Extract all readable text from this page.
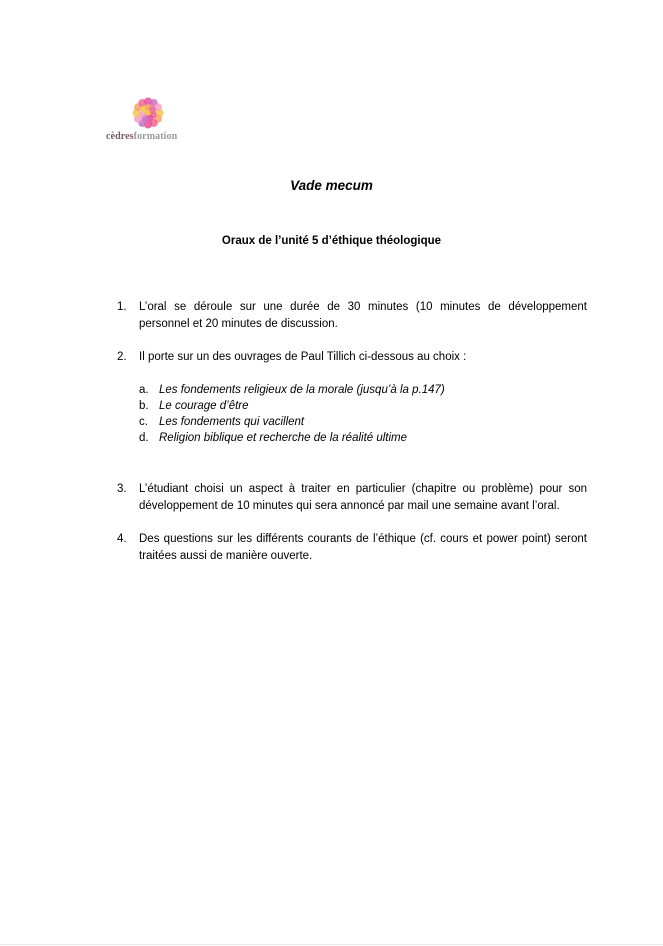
cèdresformation
Vade mecum
Oraux de l’unité 5 d’éthique théologique
1. L’oral se déroule sur une durée de 30 minutes (10 minutes de développement personnel et 20 minutes de discussion.
2. Il porte sur un des ouvrages de Paul Tillich ci-dessous au choix :
a. Les fondements religieux de la morale (jusqu’à la p.147)
b. Le courage d’être
c. Les fondements qui vacillent
d. Religion biblique et recherche de la réalité ultime
3. L’étudiant choisi un aspect à traiter en particulier (chapitre ou problème) pour son développement de 10 minutes qui sera annoncé par mail une semaine avant l’oral.
4. Des questions sur les différents courants de l’éthique (cf. cours et power point) seront traitées aussi de manière ouverte.
